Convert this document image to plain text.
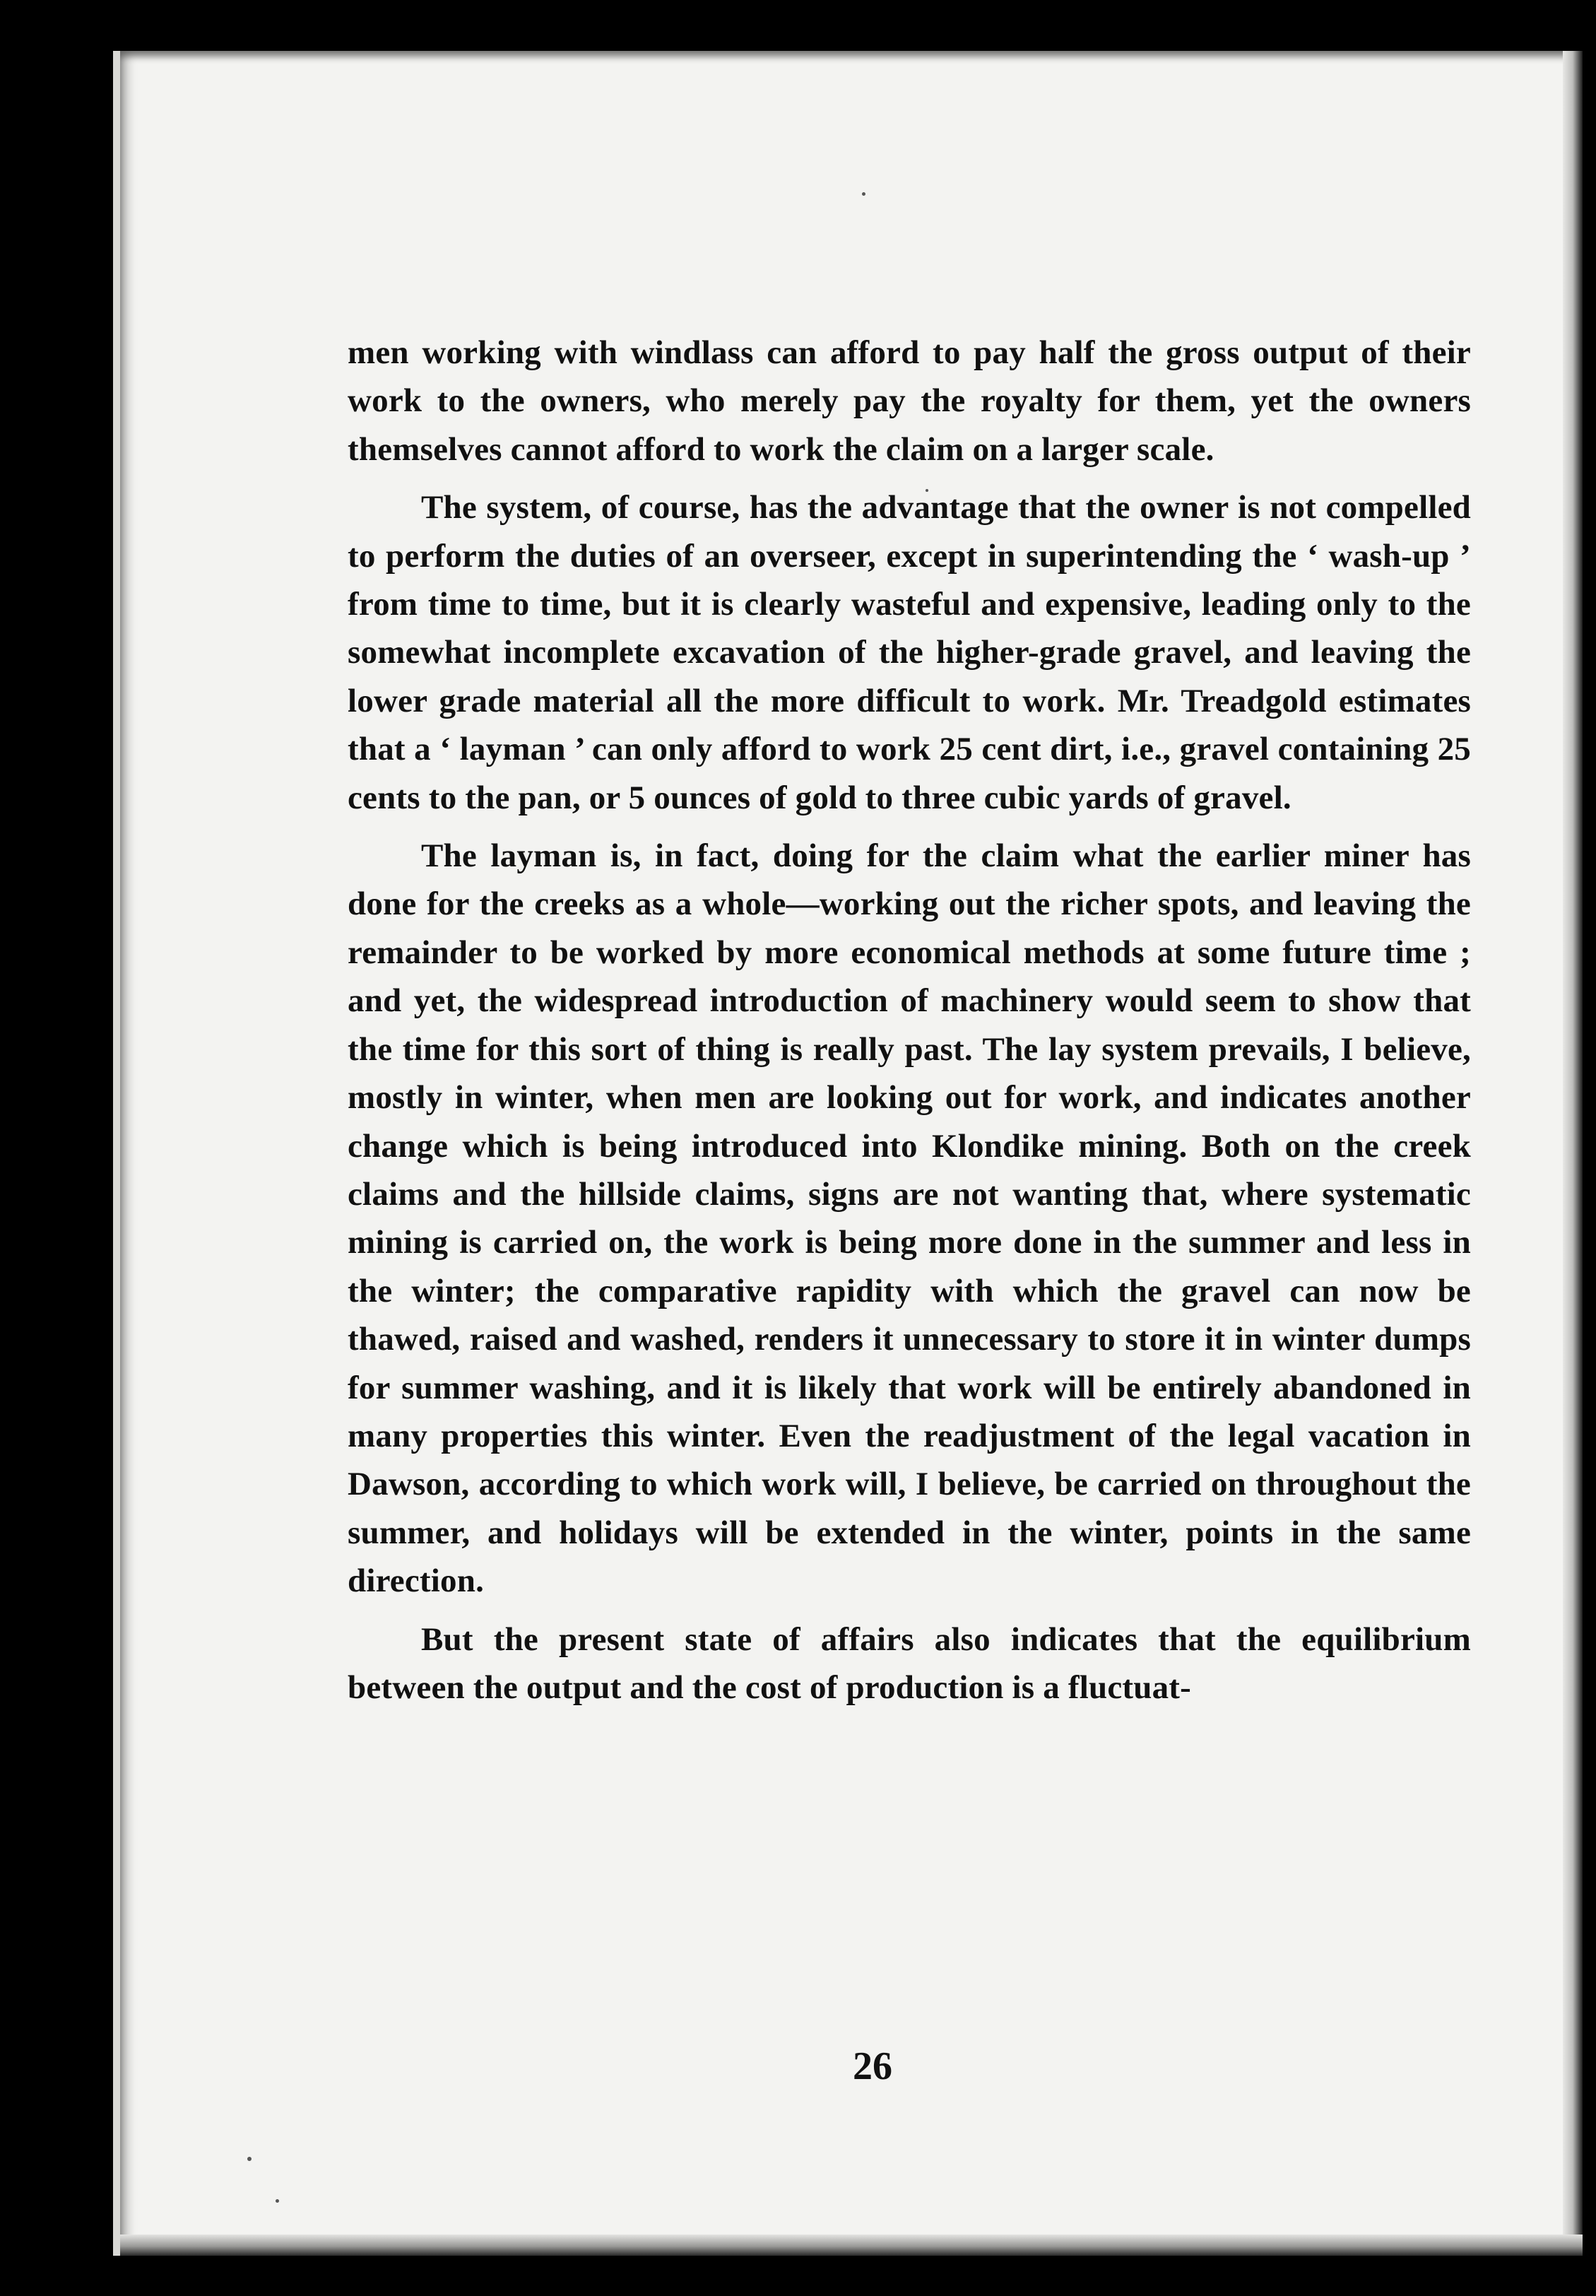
men working with windlass can afford to pay half the gross output of their work to the owners, who merely pay the royalty for them, yet the owners themselves cannot afford to work the claim on a larger scale.

The system, of course, has the advantage that the owner is not compelled to perform the duties of an overseer, except in superintending the ‘ wash-up ’ from time to time, but it is clearly wasteful and expensive, leading only to the somewhat incomplete excavation of the higher-grade gravel, and leaving the lower grade material all the more difficult to work. Mr. Treadgold estimates that a ‘ layman ’ can only afford to work 25 cent dirt, i.e., gravel containing 25 cents to the pan, or 5 ounces of gold to three cubic yards of gravel.

The layman is, in fact, doing for the claim what the earlier miner has done for the creeks as a whole—working out the richer spots, and leaving the remainder to be worked by more economical methods at some future time ; and yet, the widespread introduction of machinery would seem to show that the time for this sort of thing is really past. The lay system prevails, I believe, mostly in winter, when men are looking out for work, and indicates another change which is being introduced into Klondike mining. Both on the creek claims and the hillside claims, signs are not wanting that, where systematic mining is carried on, the work is being more done in the summer and less in the winter; the comparative rapidity with which the gravel can now be thawed, raised and washed, renders it unnecessary to store it in winter dumps for summer washing, and it is likely that work will be entirely abandoned in many properties this winter. Even the readjustment of the legal vacation in Dawson, according to which work will, I believe, be carried on throughout the summer, and holidays will be extended in the winter, points in the same direction.

But the present state of affairs also indicates that the equilibrium between the output and the cost of production is a fluctuat-

26
